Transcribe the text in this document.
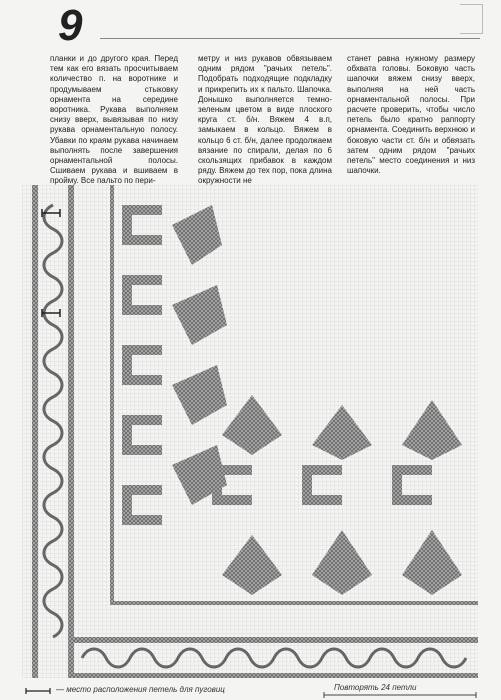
9

планки и до другого края. Перед тем как его вязать просчитываем количество п. на воротнике и продумываем стыковку орнамента на середине воротника. Рукава выполняем снизу вверх, вывязывая по низу рукава орнаментальную полосу. Убавки по краям рукава начинаем выполнять после завершения орнаментальной полосы. Сшиваем рукава и вшиваем в пройму. Все пальто по пери-

метру и низ рукавов обвязываем одним рядом "рачьих петель". Подобрать подходящие подкладку и прикрепить их к пальто. Шапочка. Донышко выполняется темно-зеленым цветом в виде плоского круга ст. б/н. Вяжем 4 в.п, замыкаем в кольцо. Вяжем в кольцо 6 ст. б/н, далее продолжаем вязание по спирали, делая по 6 скользящих прибавок в каждом ряду. Вяжем до тех пор, пока длина окружности не

станет равна нужному размеру обхвата головы. Боковую часть шапочки вяжем снизу вверх, выполняя на ней часть орнаментальной полосы. При расчете проверить, чтобы число петель было кратно раппорту орнамента. Соединить верхнюю и боковую части ст. б/н и обвязать затем одним рядом "рачьих петель" место соединения и низ шапочки.

— место расположения петель для пуговиц	Повторять 24 петли
